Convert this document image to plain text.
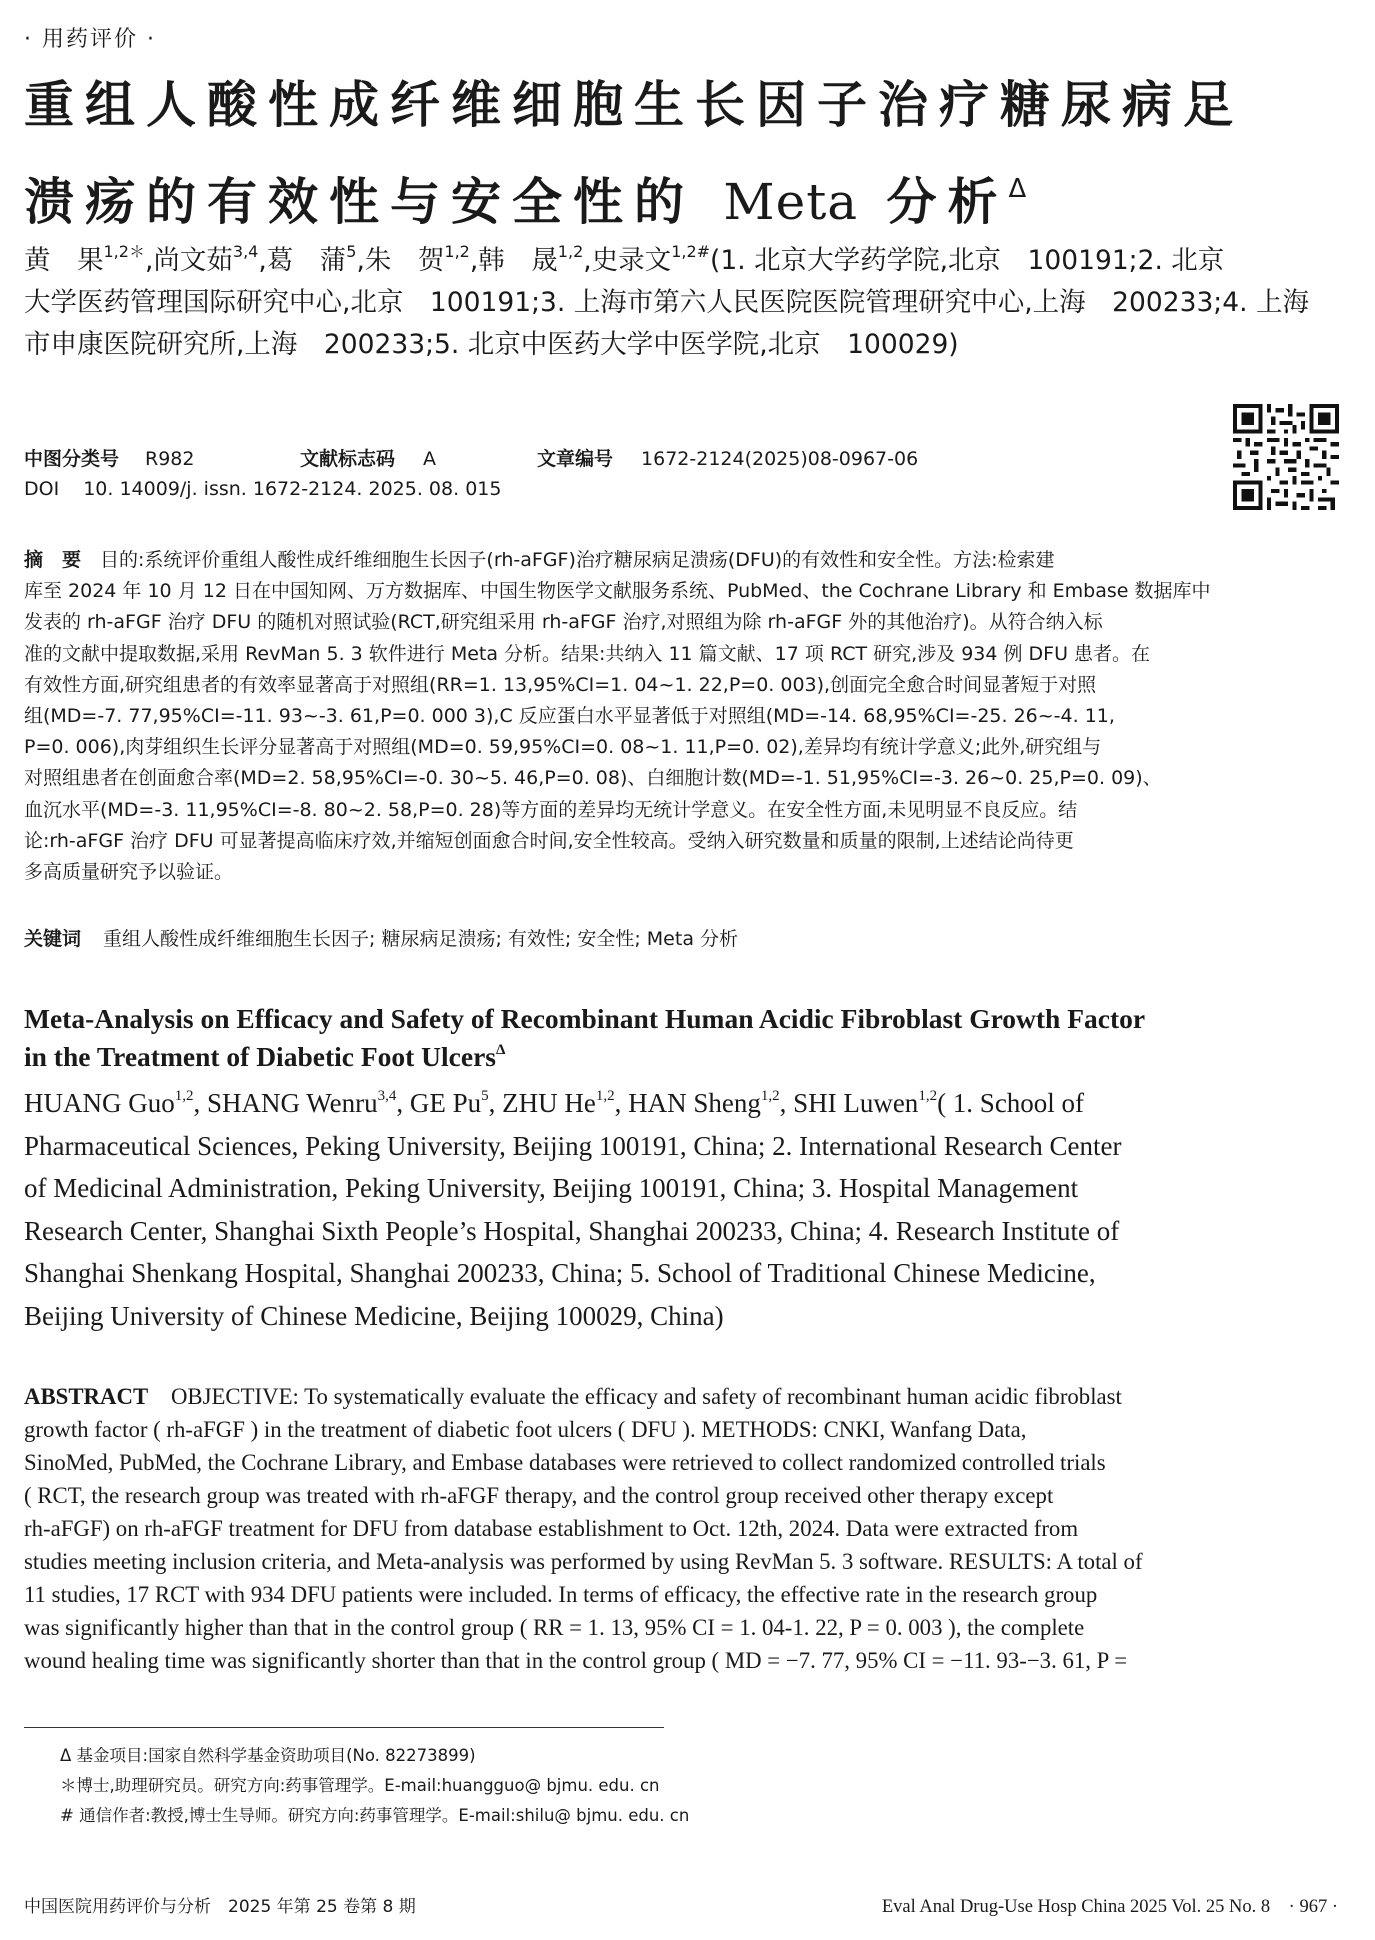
· 用药评价 ·
重组人酸性成纤维细胞生长因子治疗糖尿病足
溃疡的有效性与安全性的 Meta 分析$^\Delta$
黄　果$^{1,2*}$,尚文茹$^{3,4}$,葛　蒲$^5$,朱　贺$^{1,2}$,韩　晟$^{1,2}$,史录文$^{1,2\#}$(1. 北京大学药学院,北京　100191;2. 北京
大学医药管理国际研究中心,北京　100191;3. 上海市第六人民医院医院管理研究中心,上海　200233;4. 上海
市申康医院研究所,上海　200233;5. 北京中医药大学中医学院,北京　100029)
中图分类号 R982	文献标志码 A	文章编号 1672-2124(2025)08-0967-06
DOI 10. 14009/j. issn. 1672-2124. 2025. 08. 015
摘　要　 目的:系统评价重组人酸性成纤维细胞生长因子(rh-aFGF)治疗糖尿病足溃疡(DFU)的有效性和安全性。方法:检索建
库至 2024 年 10 月 12 日在中国知网、万方数据库、中国生物医学文献服务系统、PubMed、the Cochrane Library 和 Embase 数据库中
发表的 rh-aFGF 治疗 DFU 的随机对照试验(RCT,研究组采用 rh-aFGF 治疗,对照组为除 rh-aFGF 外的其他治疗)。从符合纳入标
准的文献中提取数据,采用 RevMan 5. 3 软件进行 Meta 分析。结果:共纳入 11 篇文献、17 项 RCT 研究,涉及 934 例 DFU 患者。在
有效性方面,研究组患者的有效率显著高于对照组(RR=1. 13,95%CI=1. 04~1. 22,P=0. 003),创面完全愈合时间显著短于对照
组(MD=-7. 77,95%CI=-11. 93~-3. 61,P=0. 000 3),C 反应蛋白水平显著低于对照组(MD=-14. 68,95%CI=-25. 26~-4. 11,
P=0. 006),肉芽组织生长评分显著高于对照组(MD=0. 59,95%CI=0. 08~1. 11,P=0. 02),差异均有统计学意义;此外,研究组与
对照组患者在创面愈合率(MD=2. 58,95%CI=-0. 30~5. 46,P=0. 08)、白细胞计数(MD=-1. 51,95%CI=-3. 26~0. 25,P=0. 09)、
血沉水平(MD=-3. 11,95%CI=-8. 80~2. 58,P=0. 28)等方面的差异均无统计学意义。在安全性方面,未见明显不良反应。结
论:rh-aFGF 治疗 DFU 可显著提高临床疗效,并缩短创面愈合时间,安全性较高。受纳入研究数量和质量的限制,上述结论尚待更
多高质量研究予以验证。
关键词 重组人酸性成纤维细胞生长因子; 糖尿病足溃疡; 有效性; 安全性; Meta 分析
Meta-Analysis on Efficacy and Safety of Recombinant Human Acidic Fibroblast Growth Factor
in the Treatment of Diabetic Foot Ulcers$^\Delta$
HUANG Guo$^{1,2}$, SHANG Wenru$^{3,4}$, GE Pu$^5$, ZHU He$^{1,2}$, HAN Sheng$^{1,2}$, SHI Luwen$^{1,2}$( 1. School of
Pharmaceutical Sciences, Peking University, Beijing 100191, China; 2. International Research Center
of Medicinal Administration, Peking University, Beijing 100191, China; 3. Hospital Management
Research Center, Shanghai Sixth People’s Hospital, Shanghai 200233, China; 4. Research Institute of
Shanghai Shenkang Hospital, Shanghai 200233, China; 5. School of Traditional Chinese Medicine,
Beijing University of Chinese Medicine, Beijing 100029, China)
ABSTRACT　 OBJECTIVE: To systematically evaluate the efficacy and safety of recombinant human acidic fibroblast
growth factor ( rh-aFGF ) in the treatment of diabetic foot ulcers ( DFU ). METHODS: CNKI, Wanfang Data,
SinoMed, PubMed, the Cochrane Library, and Embase databases were retrieved to collect randomized controlled trials
( RCT, the research group was treated with rh-aFGF therapy, and the control group received other therapy except
rh-aFGF) on rh-aFGF treatment for DFU from database establishment to Oct. 12th, 2024. Data were extracted from
studies meeting inclusion criteria, and Meta-analysis was performed by using RevMan 5. 3 software. RESULTS: A total of
11 studies, 17 RCT with 934 DFU patients were included. In terms of efficacy, the effective rate in the research group
was significantly higher than that in the control group ( RR = 1. 13, 95% CI = 1. 04-1. 22, P = 0. 003 ), the complete
wound healing time was significantly shorter than that in the control group ( MD = −7. 77, 95% CI = −11. 93-−3. 61, P =
Δ 基金项目:国家自然科学基金资助项目(No. 82273899)
＊博士,助理研究员。研究方向:药事管理学。E-mail:huangguo@ bjmu. edu. cn
# 通信作者:教授,博士生导师。研究方向:药事管理学。E-mail:shilu@ bjmu. edu. cn
中国医院用药评价与分析　2025 年第 25 卷第 8 期	Eval Anal Drug-Use Hosp China 2025 Vol. 25 No. 8　· 967 ·
